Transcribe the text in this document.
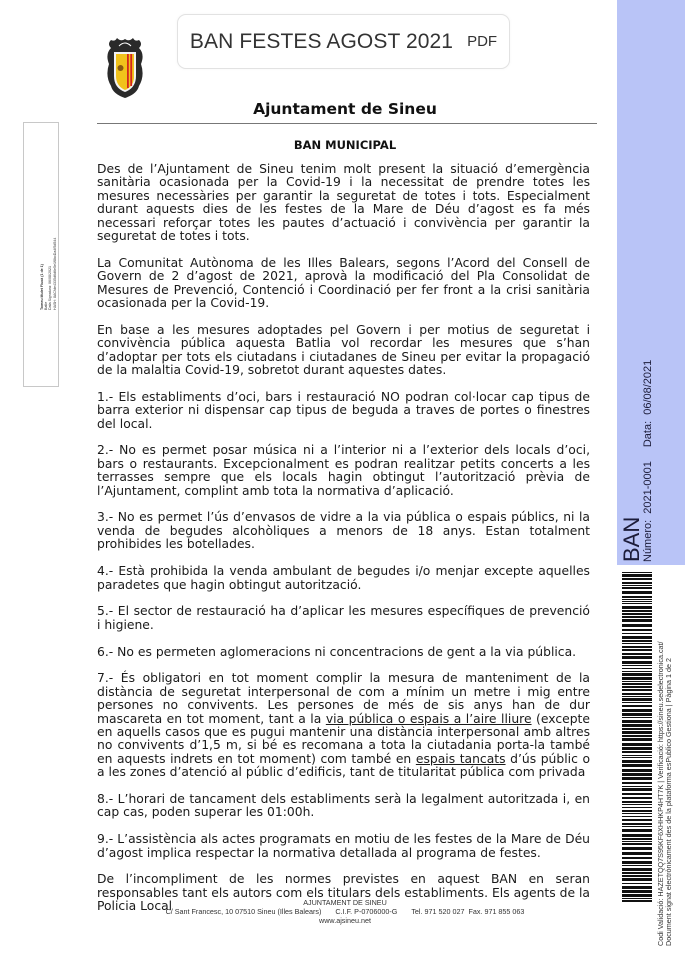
BAN FESTES AGOST 2021 PDF
Ajuntament de Sineu
BAN MUNICIPAL
Tomeu Mulet Fluxà (1 de 1) Batle Data Signatura: 06/08/2021 HASH: 8ACfde4335d6d6e5e1f8bcDa4f5d544

Des de l’Ajuntament de Sineu tenim molt present la situació d’emergència sanitària ocasionada per la Covid-19 i la necessitat de prendre totes les mesures necessàries per garantir la seguretat de totes i tots. Especialment durant aquests dies de les festes de la Mare de Déu d’agost es fa més necessari reforçar totes les pautes d’actuació i convivència per garantir la seguretat de totes i tots.

La Comunitat Autònoma de les Illes Balears, segons l’Acord del Consell de Govern de 2 d’agost de 2021, aprovà la modificació del Pla Consolidat de Mesures de Prevenció, Contenció i Coordinació per fer front a la crisi sanitària ocasionada per la Covid-19.

En base a les mesures adoptades pel Govern i per motius de seguretat i convivència pública aquesta Batlia vol recordar les mesures que s’han d’adoptar per tots els ciutadans i ciutadanes de Sineu per evitar la propagació de la malaltia Covid-19, sobretot durant aquestes dates.

1.- Els establiments d’oci, bars i restauració NO podran col·locar cap tipus de barra exterior ni dispensar cap tipus de beguda a traves de portes o finestres del local.

2.- No es permet posar música ni a l’interior ni a l’exterior dels locals d’oci, bars o restaurants. Excepcionalment es podran realitzar petits concerts a les terrasses sempre que els locals hagin obtingut l’autorització prèvia de l’Ajuntament, complint amb tota la normativa d’aplicació.

3.- No es permet l’ús d’envasos de vidre a la via pública o espais públics, ni la venda de begudes alcohòliques a menors de 18 anys. Estan totalment prohibides les botellades.

4.- Està prohibida la venda ambulant de begudes i/o menjar excepte aquelles paradetes que hagin obtingut autorització.

5.- El sector de restauració ha d’aplicar les mesures específiques de prevenció i higiene.

6.- No es permeten aglomeracions ni concentracions de gent a la via pública.

7.- És obligatori en tot moment complir la mesura de manteniment de la distància de seguretat interpersonal de com a mínim un metre i mig entre persones no convivents. Les persones de més de sis anys han de dur mascareta en tot moment, tant a la via pública o espais a l’aire lliure (excepte en aquells casos que es pugui mantenir una distància interpersonal amb altres no convivents d’1,5 m, si bé es recomana a tota la ciutadania porta-la també en aquests indrets en tot moment) com també en espais tancats d’ús públic o a les zones d’atenció al públic d’edificis, tant de titularitat pública com privada

8.- L’horari de tancament dels establiments serà la legalment autoritzada i, en cap cas, poden superar les 01:00h.

9.- L’assistència als actes programats en motiu de les festes de la Mare de Déu d’agost implica respectar la normativa detallada al programa de festes.

De l’incompliment de les normes previstes en aquest BAN en seran responsables tant els autors com els titulars dels establiments. Els agents de la Policia Local

BAN
Número: 2021-0001Data: 06/08/2021
Codi Validació: HAZETQQ7S95KF6XHHKP4HT7K | Verificació: https://sineu.sedelectronica.cat/ Document signat electrònicament des de la plataforma esPublico Gestiona | Pàgina 1 de 2
AJUNTAMENT DE SINEU
C/ Sant Francesc, 10 07510 Sineu (Illes Balears) C.I.F. P-0706000-G Tel. 971 520 027 Fax. 971 855 063
www.ajsineu.net
